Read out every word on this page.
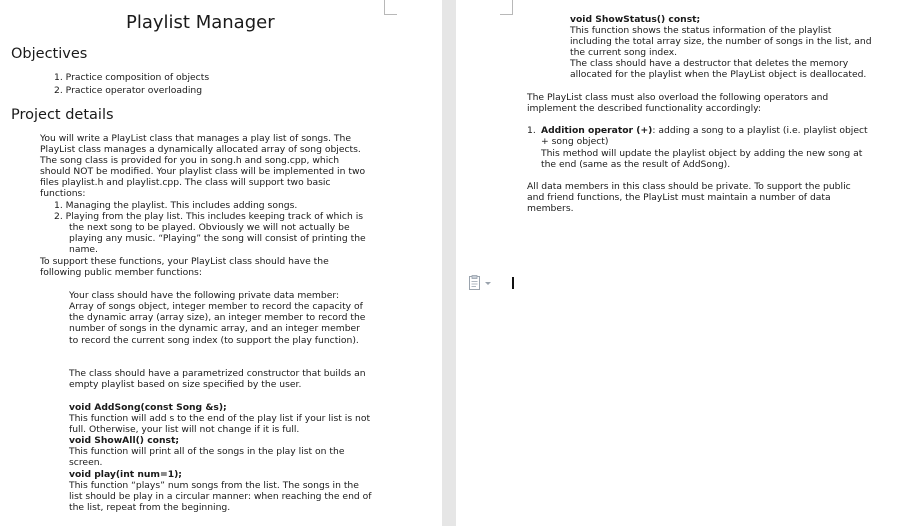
Playlist Manager

Objectives

1. Practice composition of objects

2. Practice operator overloading

Project details

You will write a PlayList class that manages a play list of songs. The

PlayList class manages a dynamically allocated array of song objects.

The song class is provided for you in song.h and song.cpp, which

should NOT be modified. Your playlist class will be implemented in two

files playlist.h and playlist.cpp. The class will support two basic

functions:

1. Managing the playlist. This includes adding songs.

2. Playing from the play list. This includes keeping track of which is

the next song to be played. Obviously we will not actually be

playing any music. “Playing” the song will consist of printing the

name.

To support these functions, your PlayList class should have the

following public member functions:

Your class should have the following private data member:

Array of songs object, integer member to record the capacity of

the dynamic array (array size), an integer member to record the

number of songs in the dynamic array, and an integer member

to record the current song index (to support the play function).

The class should have a parametrized constructor that builds an

empty playlist based on size specified by the user.

void AddSong(const Song &s);

This function will add s to the end of the play list if your list is not

full. Otherwise, your list will not change if it is full.

void ShowAll() const;

This function will print all of the songs in the play list on the

screen.

void play(int num=1);

This function “plays” num songs from the list. The songs in the

list should be play in a circular manner: when reaching the end of

the list, repeat from the beginning.

void ShowStatus() const;

This function shows the status information of the playlist

including the total array size, the number of songs in the list, and

the current song index.

The class should have a destructor that deletes the memory

allocated for the playlist when the PlayList object is deallocated.

The PlayList class must also overload the following operators and

implement the described functionality accordingly:

1. Addition operator (+): adding a song to a playlist (i.e. playlist object

+ song object)

This method will update the playlist object by adding the new song at

the end (same as the result of AddSong).

All data members in this class should be private. To support the public

and friend functions, the PlayList must maintain a number of data

members.
